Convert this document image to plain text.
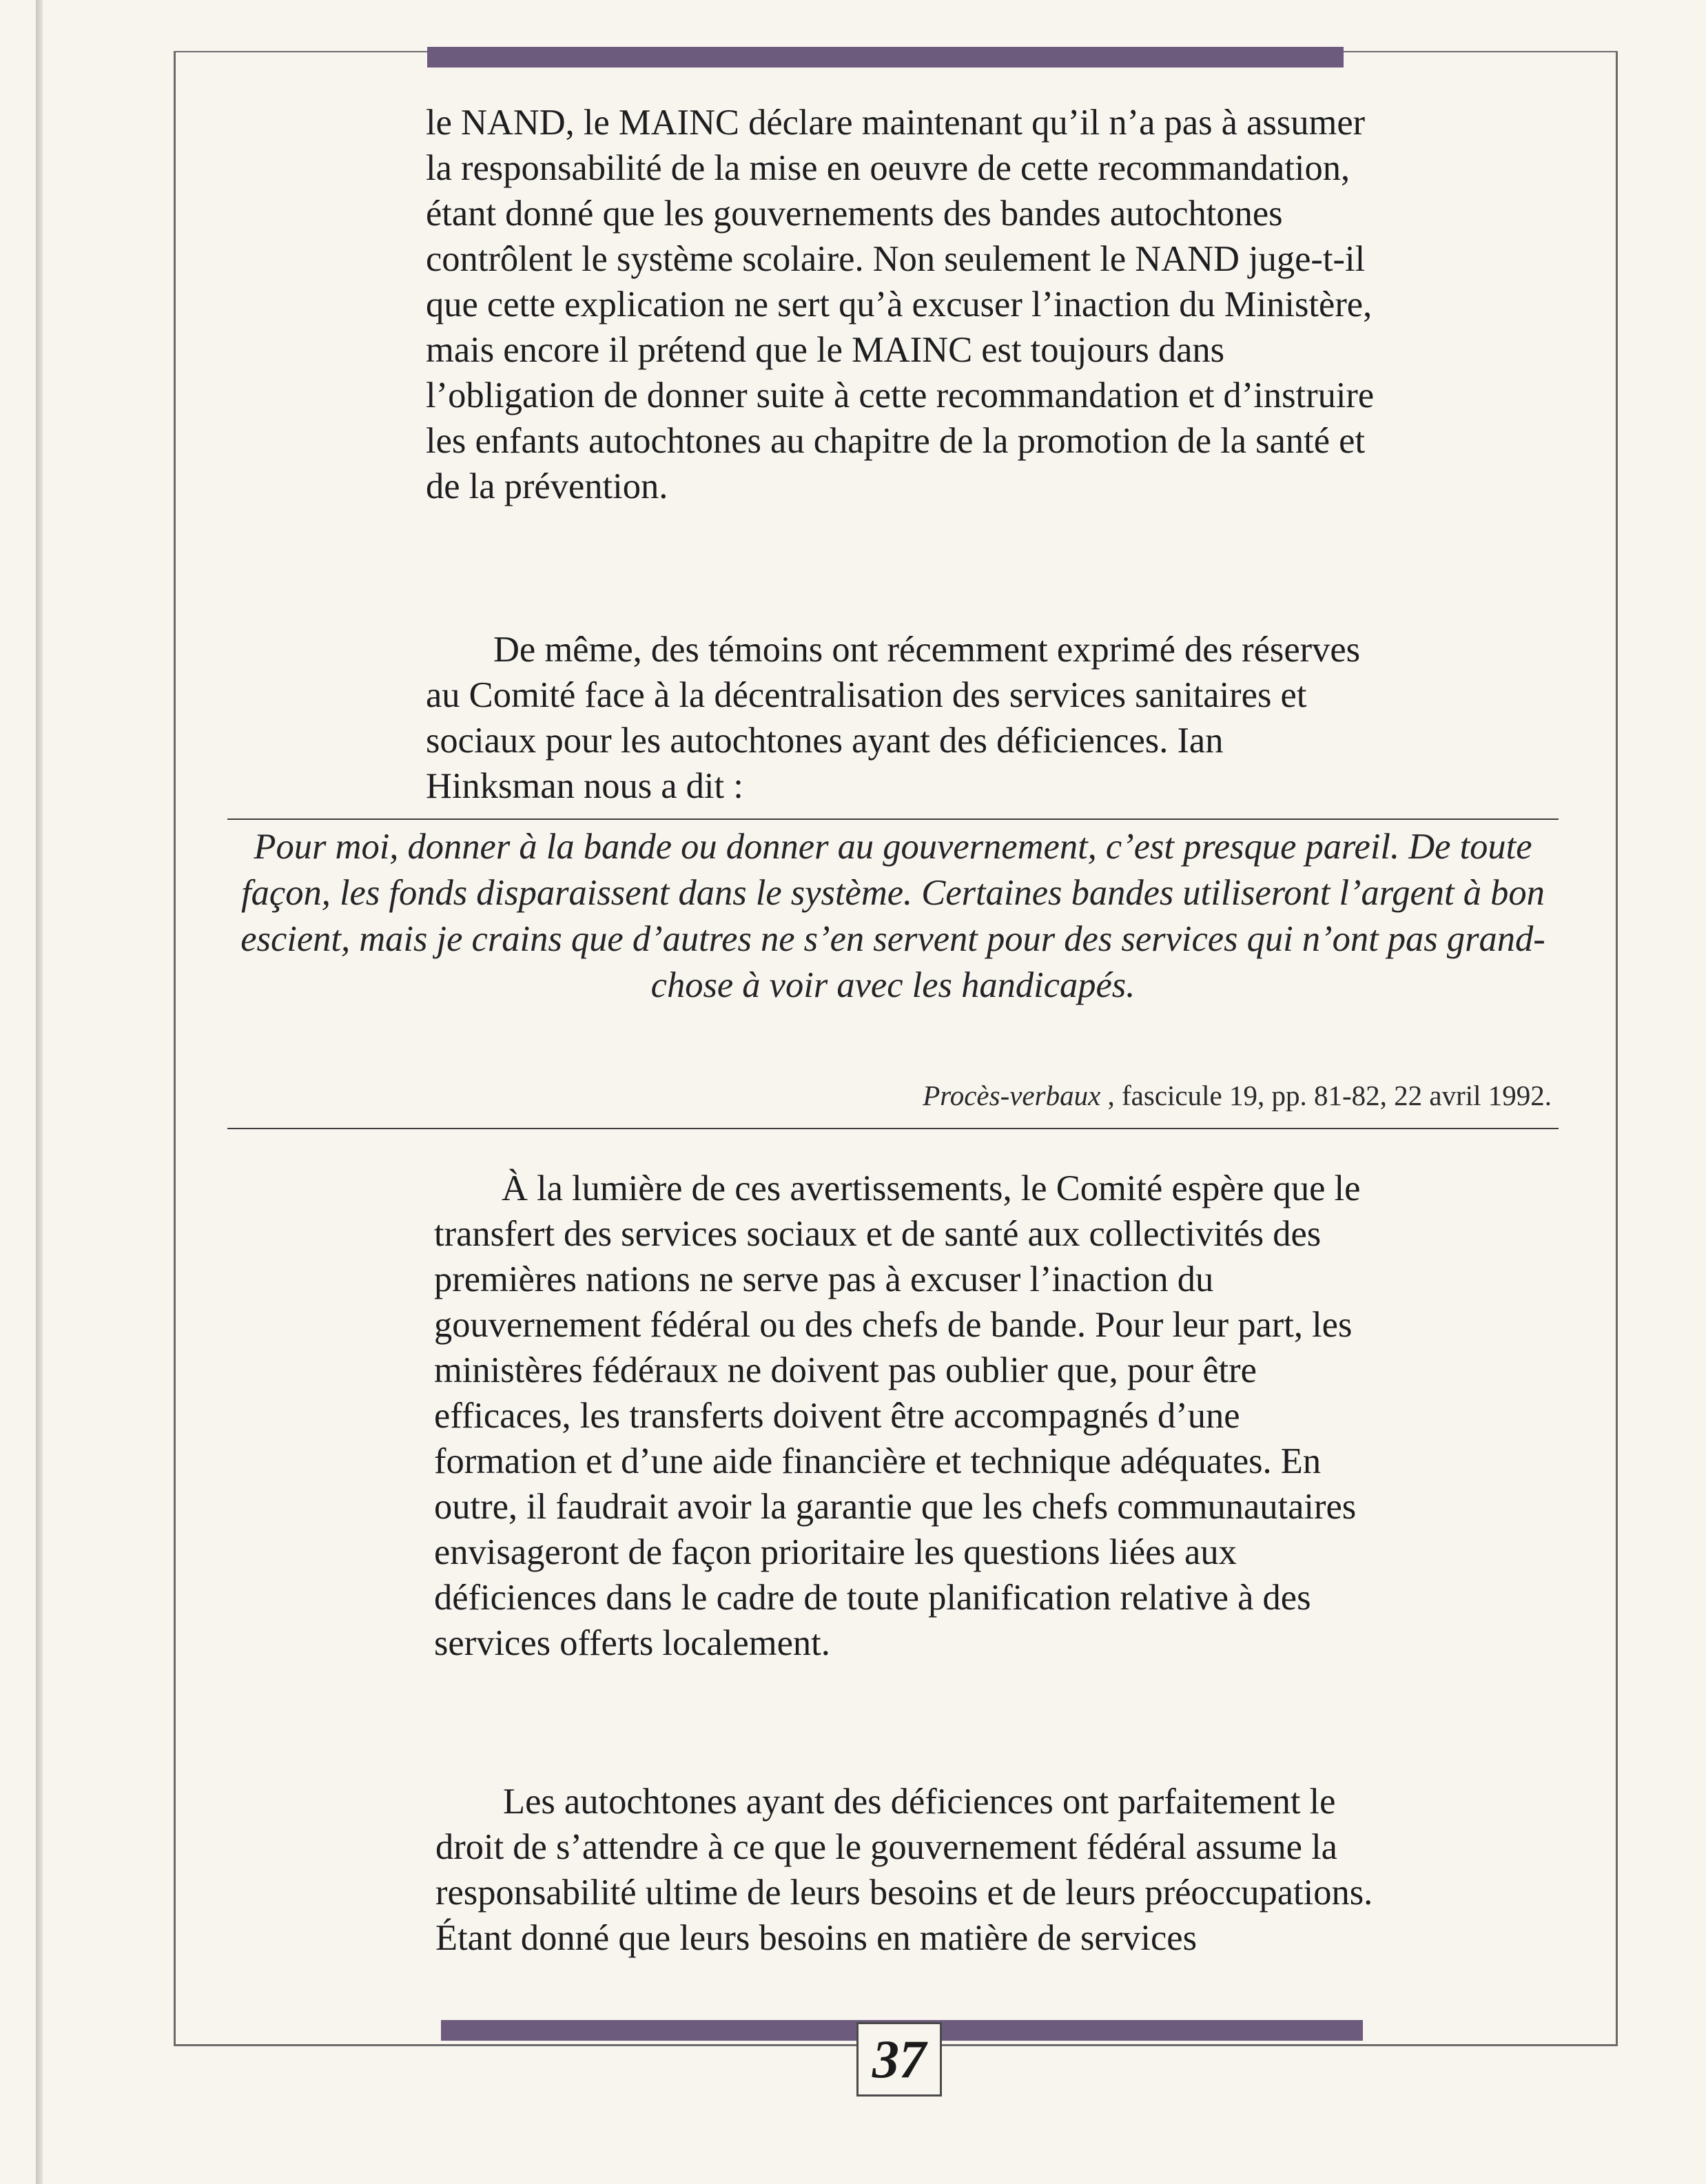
le NAND, le MAINC déclare maintenant qu’il n’a pas à assumer la responsabilité de la mise en oeuvre de cette recommandation, étant donné que les gouvernements des bandes autochtones contrôlent le système scolaire. Non seulement le NAND juge-t-il que cette explication ne sert qu’à excuser l’inaction du Ministère, mais encore il prétend que le MAINC est toujours dans l’obligation de donner suite à cette recommandation et d’instruire les enfants autochtones au chapitre de la promotion de la santé et de la prévention.

De même, des témoins ont récemment exprimé des réserves au Comité face à la décentralisation des services sanitaires et sociaux pour les autochtones ayant des déficiences. Ian Hinksman nous a dit :

Pour moi, donner à la bande ou donner au gouvernement, c’est presque pareil. De toute façon, les fonds disparaissent dans le système. Certaines bandes utiliseront l’argent à bon escient, mais je crains que d’autres ne s’en servent pour des services qui n’ont pas grand-chose à voir avec les handicapés.
Procès-verbaux , fascicule 19, pp. 81-82, 22 avril 1992.

À la lumière de ces avertissements, le Comité espère que le transfert des services sociaux et de santé aux collectivités des premières nations ne serve pas à excuser l’inaction du gouvernement fédéral ou des chefs de bande. Pour leur part, les ministères fédéraux ne doivent pas oublier que, pour être efficaces, les transferts doivent être accompagnés d’une formation et d’une aide financière et technique adéquates. En outre, il faudrait avoir la garantie que les chefs communautaires envisageront de façon prioritaire les questions liées aux déficiences dans le cadre de toute planification relative à des services offerts localement.

Les autochtones ayant des déficiences ont parfaitement le droit de s’attendre à ce que le gouvernement fédéral assume la responsabilité ultime de leurs besoins et de leurs préoccupations. Étant donné que leurs besoins en matière de services

37
